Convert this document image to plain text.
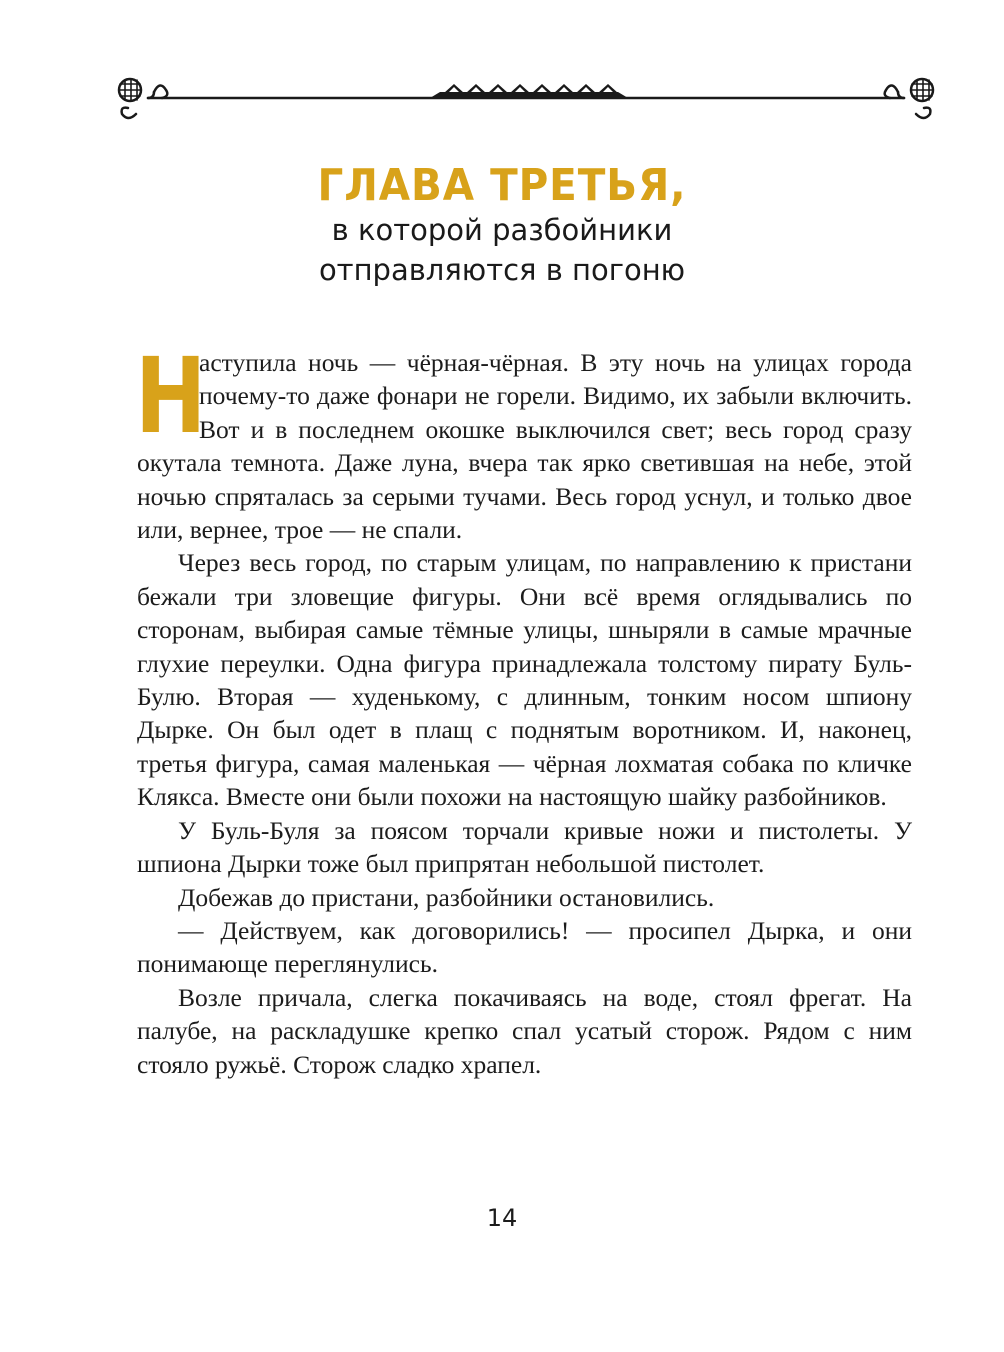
ГЛАВА ТРЕТЬЯ,
в которой разбойники
отправляются в погоню

Н
аступила ночь — чёрная-чёрная. В эту ночь на улицах города почему-то даже фонари не горели. Видимо, их забыли включить. Вот и в последнем окошке выключился свет; весь город сразу окутала темнота. Даже луна, вчера так ярко светившая на небе, этой ночью спряталась за серыми тучами. Весь город уснул, и только двое или, вернее, трое — не спали.

Через весь город, по старым улицам, по направлению к пристани бежали три зловещие фигуры. Они всё время оглядывались по сторонам, выбирая самые тёмные улицы, шныряли в самые мрачные глухие переулки. Одна фигура принадлежала толстому пирату Буль-Булю. Вторая — худенькому, с длинным, тонким носом шпиону Дырке. Он был одет в плащ с поднятым воротником. И, наконец, третья фигура, самая маленькая — чёрная лохматая собака по кличке Клякса. Вместе они были похожи на настоящую шайку разбойников.

У Буль-Буля за поясом торчали кривые ножи и пистолеты. У шпиона Дырки тоже был припрятан небольшой пистолет.

Добежав до пристани, разбойники остановились.

— Действуем, как договорились! — просипел Дырка, и они понимающе переглянулись.

Возле причала, слегка покачиваясь на воде, стоял фрегат. На палубе, на раскладушке крепко спал усатый сторож. Рядом с ним стояло ружьё. Сторож сладко храпел.

14
